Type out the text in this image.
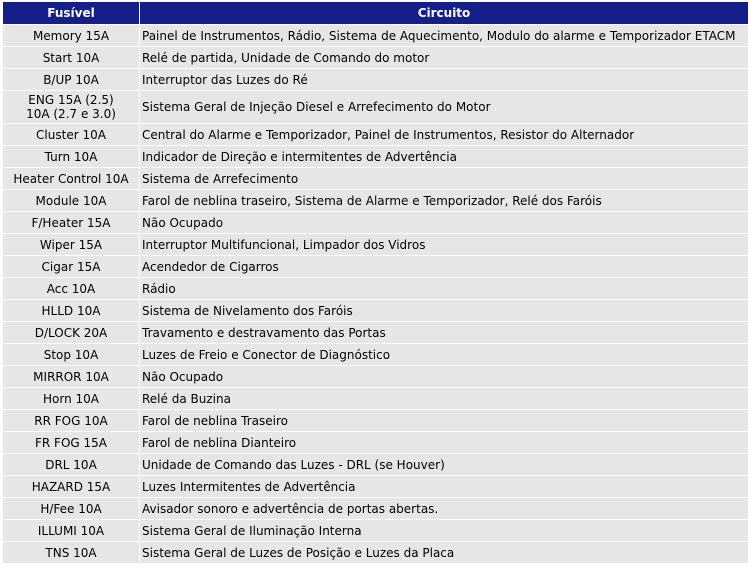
Fusível	Circuito

Memory 15A	Painel de Instrumentos, Rádio, Sistema de Aquecimento, Modulo do alarme e Temporizador ETACM

Start 10A	Relé de partida, Unidade de Comando do motor

B/UP 10A	Interruptor das Luzes do Ré

ENG 15A (2.5)
10A (2.7 e 3.0)	Sistema Geral de Injeção Diesel e Arrefecimento do Motor

Cluster 10A	Central do Alarme e Temporizador, Painel de Instrumentos, Resistor do Alternador

Turn 10A	Indicador de Direção e intermitentes de Advertência

Heater Control 10A	Sistema de Arrefecimento

Module 10A	Farol de neblina traseiro, Sistema de Alarme e Temporizador, Relé dos Faróis

F/Heater 15A	Não Ocupado

Wiper 15A	Interruptor Multifuncional, Limpador dos Vidros

Cigar 15A	Acendedor de Cigarros

Acc 10A	Rádio

HLLD 10A	Sistema de Nivelamento dos Faróis

D/LOCK 20A	Travamento e destravamento das Portas

Stop 10A	Luzes de Freio e Conector de Diagnóstico

MIRROR 10A	Não Ocupado

Horn 10A	Relé da Buzina

RR FOG 10A	Farol de neblina Traseiro

FR FOG 15A	Farol de neblina Dianteiro

DRL 10A	Unidade de Comando das Luzes - DRL (se Houver)

HAZARD 15A	Luzes Intermitentes de Advertência

H/Fee 10A	Avisador sonoro e advertência de portas abertas.

ILLUMI 10A	Sistema Geral de Iluminação Interna

TNS 10A	Sistema Geral de Luzes de Posição e Luzes da Placa
